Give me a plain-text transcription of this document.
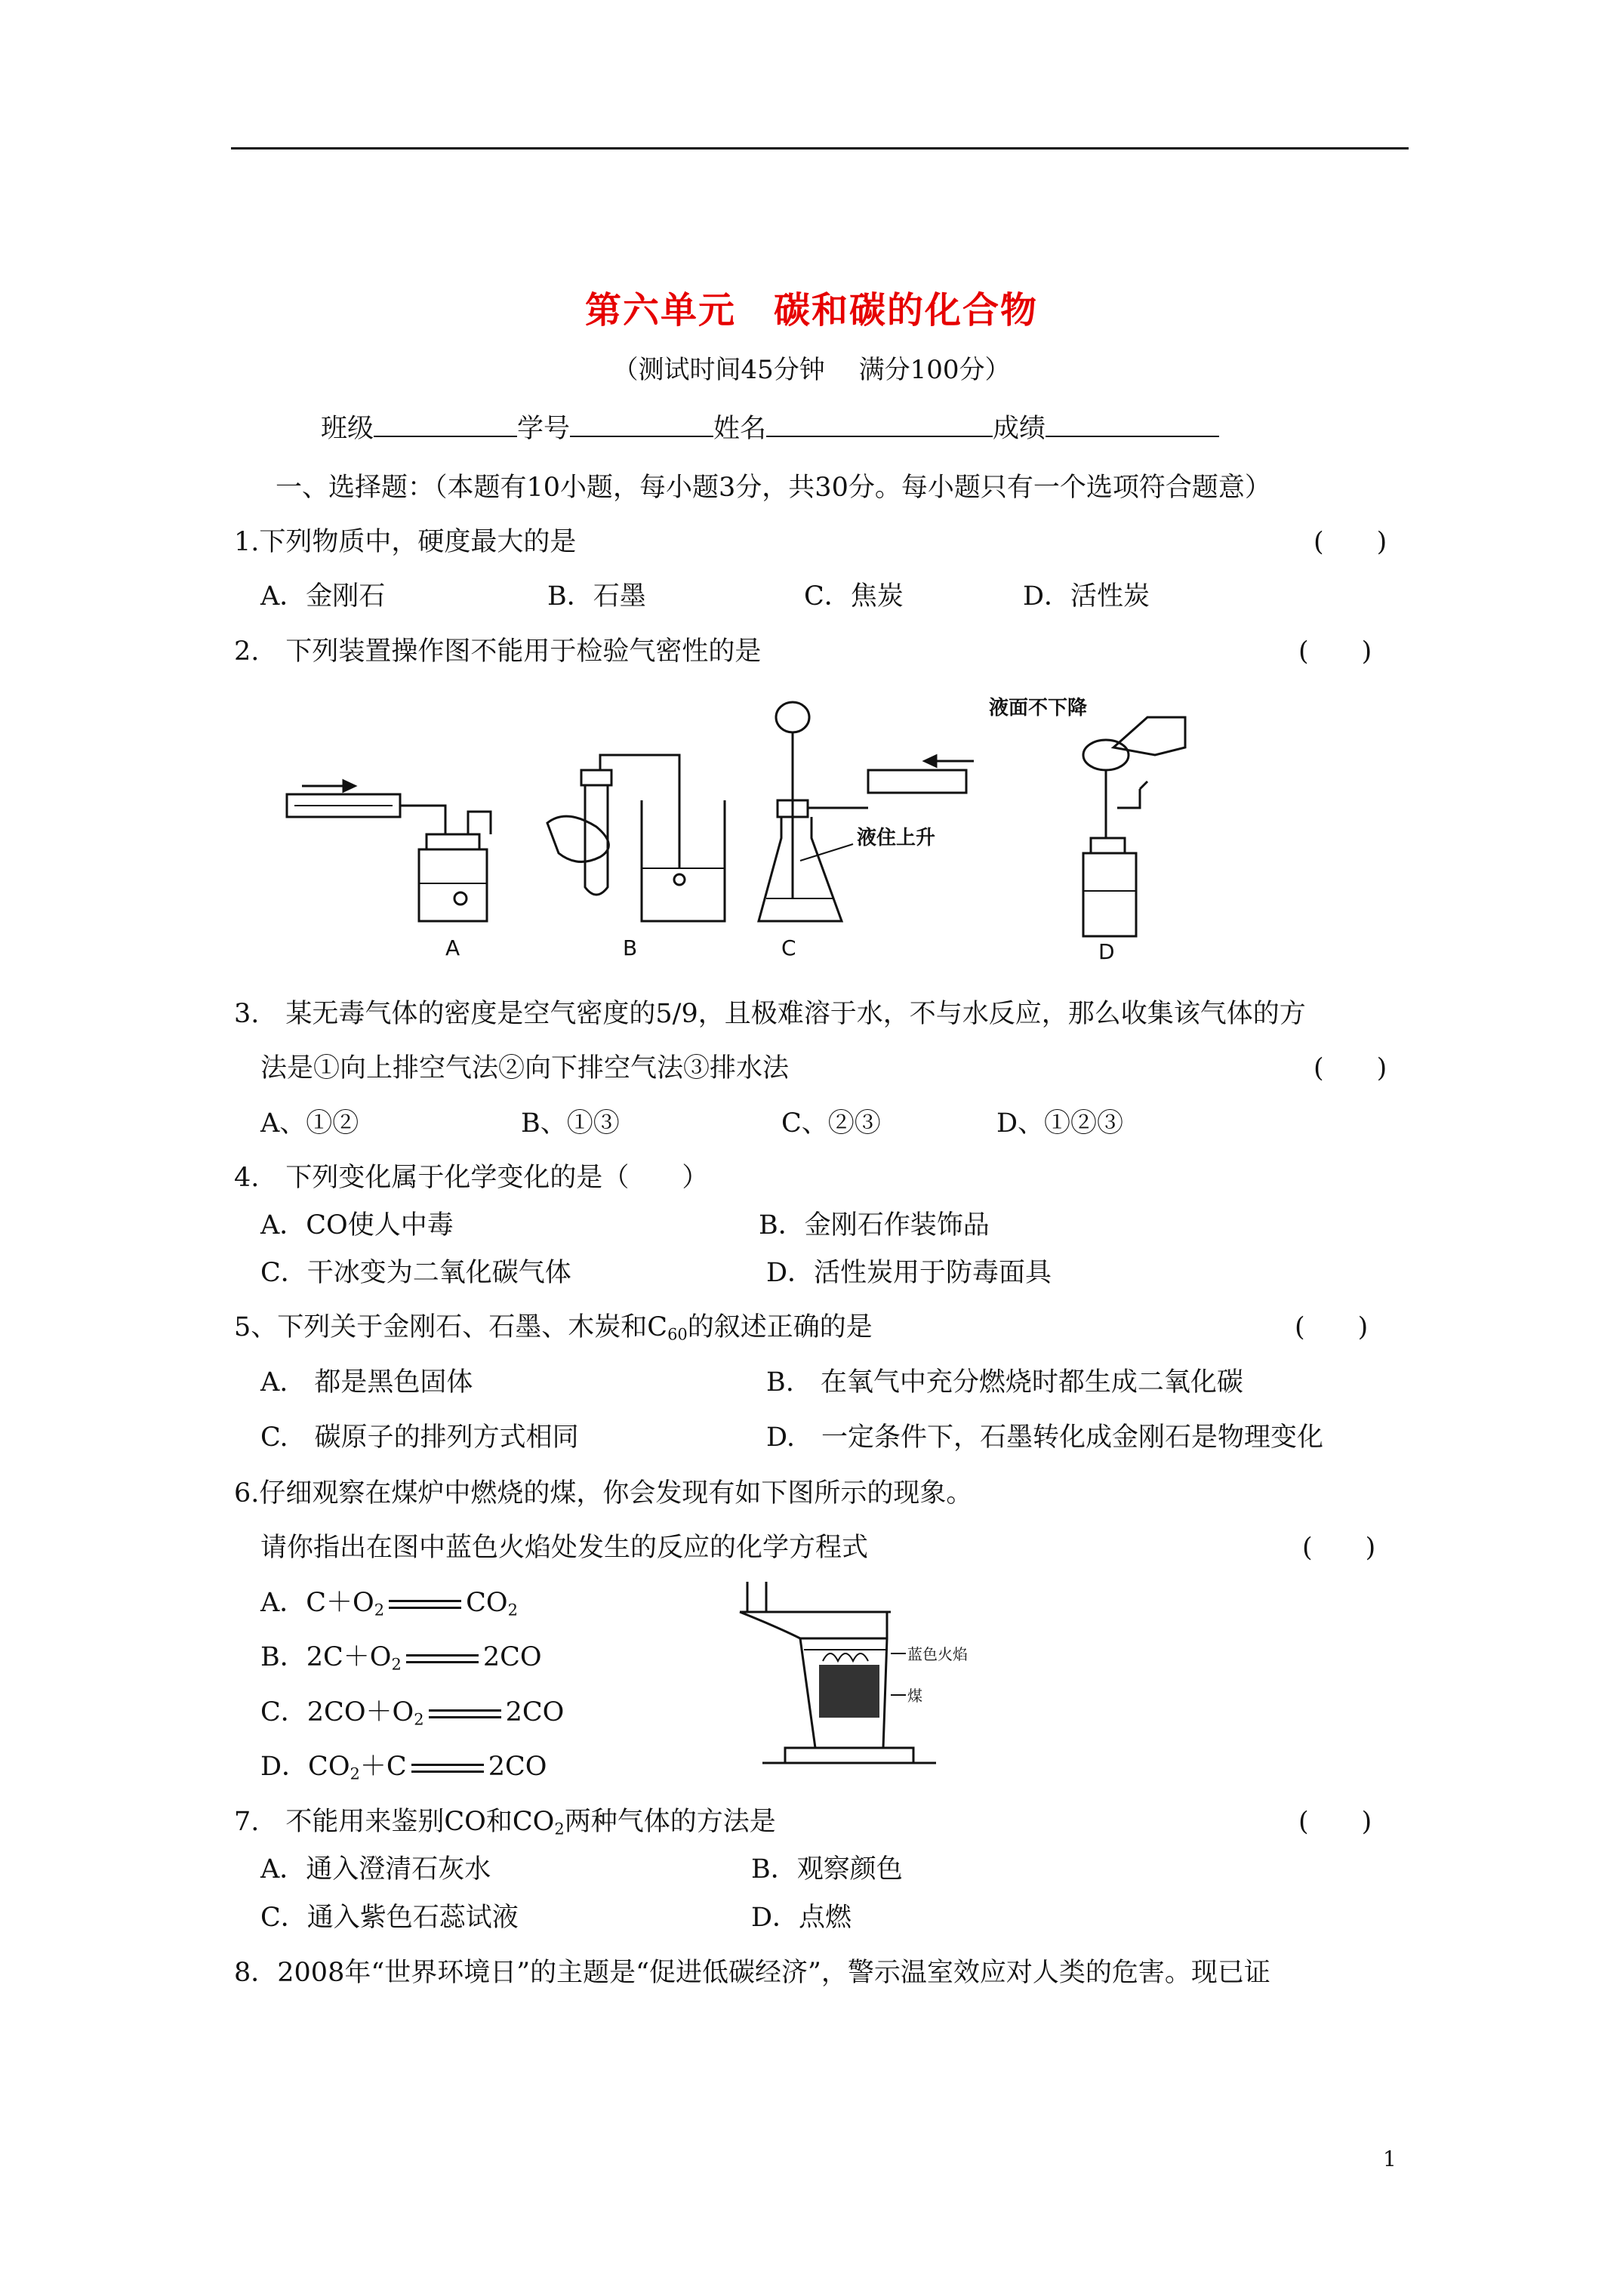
第六单元　碳和碳的化合物
（测试时间45分钟　 满分100分）
班级	学号	姓名	成绩
一、选择题：（本题有10小题，每小题3分，共30分。每小题只有一个选项符合题意）
1.下列物质中，硬度最大的是	(　　)
A．金刚石	B．石墨	C．焦炭	D．活性炭
2.　下列装置操作图不能用于检验气密性的是	(　　)
A	B
液住上升
C
液面不下降
D
3.　某无毒气体的密度是空气密度的5/9，且极难溶于水，不与水反应，那么收集该气体的方
法是①向上排空气法②向下排空气法③排水法	(　　)
A、①②	B、①③	C、②③	D、①②③
4.　下列变化属于化学变化的是（　　）
A．CO使人中毒	B．金刚石作装饰品
C．干冰变为二氧化碳气体	D．活性炭用于防毒面具
5、下列关于金刚石、石墨、木炭和$C_{60}$的叙述正确的是	(　　)
A.　都是黑色固体	B.　在氧气中充分燃烧时都生成二氧化碳
C.　碳原子的排列方式相同	D.　一定条件下，石墨转化成金刚石是物理变化
6.仔细观察在煤炉中燃烧的煤，你会发现有如下图所示的现象。
请你指出在图中蓝色火焰处发生的反应的化学方程式	(　　)
A．$C+O_2$	$CO_2$
B．$2C+O_2$	2CO
C．$2CO+O_2$	2CO
D．$CO_2+C$	2CO
蓝色火焰
煤
7.　不能用来鉴别CO和$CO_2$两种气体的方法是	(　　)
A．通入澄清石灰水	B．观察颜色
C．通入紫色石蕊试液	D．点燃
8．2008年“世界环境日”的主题是“促进低碳经济”，警示温室效应对人类的危害。现已证
1
